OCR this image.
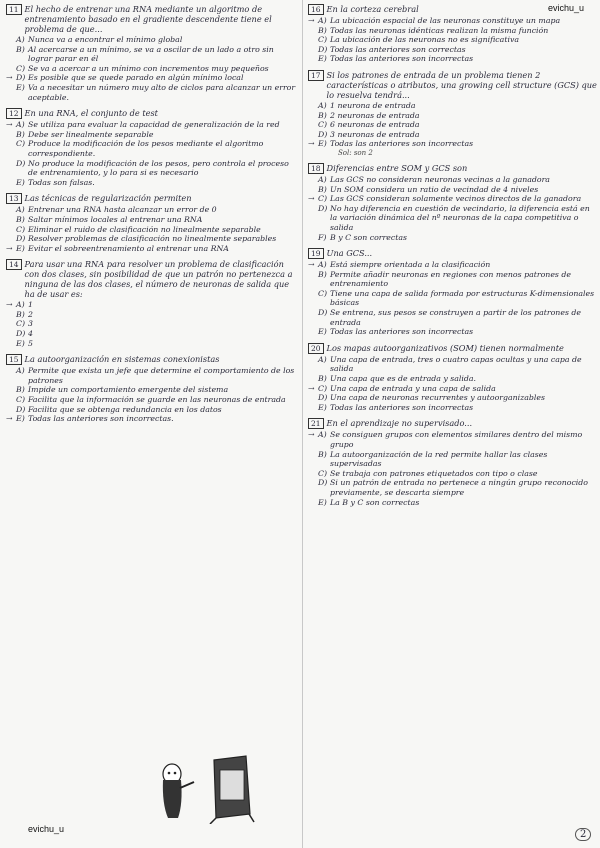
evichu_u
evichu_u	2
11 El hecho de entrenar una RNA mediante un algoritmo de entrenamiento basado en el gradiente descendente tiene el problema de que...
A) Nunca va a encontrar el mínimo global
B) Al acercarse a un mínimo, se va a oscilar de un lado a otro sin lograr parar en él
C) Se va a acercar a un mínimo con incrementos muy pequeños
→ D) Es posible que se quede parado en algún mínimo local
E) Va a necesitar un número muy alto de ciclos para alcanzar un error aceptable.
12 En una RNA, el conjunto de test
→ A) Se utiliza para evaluar la capacidad de generalización de la red
B) Debe ser linealmente separable
C) Produce la modificación de los pesos mediante el algoritmo correspondiente.
D) No produce la modificación de los pesos, pero controla el proceso de entrenamiento, y lo para si es necesario
E) Todas son falsas.
13 Las técnicas de regularización permiten
A) Entrenar una RNA hasta alcanzar un error de 0
B) Saltar mínimos locales al entrenar una RNA
C) Eliminar el ruido de clasificación no linealmente separable
D) Resolver problemas de clasificación no linealmente separables
→ E) Evitar el sobreentrenamiento al entrenar una RNA
14 Para usar una RNA para resolver un problema de clasificación con dos clases, sin posibilidad de que un patrón no pertenezca a ninguna de las dos clases, el número de neuronas de salida que ha de usar es:
→ A) 1
B) 2
C) 3
D) 4
E) 5
15 La autoorganización en sistemas conexionistas
A) Permite que exista un jefe que determine el comportamiento de los patrones
B) Impide un comportamiento emergente del sistema
C) Facilita que la información se guarde en las neuronas de entrada
D) Facilita que se obtenga redundancia en los datos
→ E) Todas las anteriores son incorrectas.
16 En la corteza cerebral
→ A) La ubicación espacial de las neuronas constituye un mapa
B) Todas las neuronas idénticas realizan la misma función
C) La ubicación de las neuronas no es significativa
D) Todas las anteriores son correctas
E) Todas las anteriores son incorrectas
17 Si los patrones de entrada de un problema tienen 2 características o atributos, una growing cell structure (GCS) que lo resuelva tendrá...
A) 1 neurona de entrada
B) 2 neuronas de entrada
C) 6 neuronas de entrada
D) 3 neuronas de entrada
→ E) Todas las anteriores son incorrectas
Sol: son 2
18 Diferencias entre SOM y GCS son
A) Las GCS no consideran neuronas vecinas a la ganadora
B) Un SOM considera un ratio de vecindad de 4 niveles
→ C) Las GCS consideran solamente vecinos directos de la ganadora
D) No hay diferencia en cuestión de vecindario, la diferencia está en la variación dinámica del nº neuronas de la capa competitiva o salida
F) B y C son correctas
19 Una GCS...
→ A) Está siempre orientada a la clasificación
B) Permite añadir neuronas en regiones con menos patrones de entrenamiento
C) Tiene una capa de salida formada por estructuras K-dimensionales básicas
D) Se entrena, sus pesos se construyen a partir de los patrones de entrada
E) Todas las anteriores son incorrectas
20 Los mapas autoorganizativos (SOM) tienen normalmente
A) Una capa de entrada, tres o cuatro capas ocultas y una capa de salida
B) Una capa que es de entrada y salida.
→ C) Una capa de entrada y una capa de salida
D) Una capa de neuronas recurrentes y autoorganizables
E) Todas las anteriores son incorrectas
21 En el aprendizaje no supervisado...
→ A) Se consiguen grupos con elementos similares dentro del mismo grupo
B) La autoorganización de la red permite hallar las clases supervisadas
C) Se trabaja con patrones etiquetados con tipo o clase
D) Si un patrón de entrada no pertenece a ningún grupo reconocido previamente, se descarta siempre
E) La B y C son correctas
